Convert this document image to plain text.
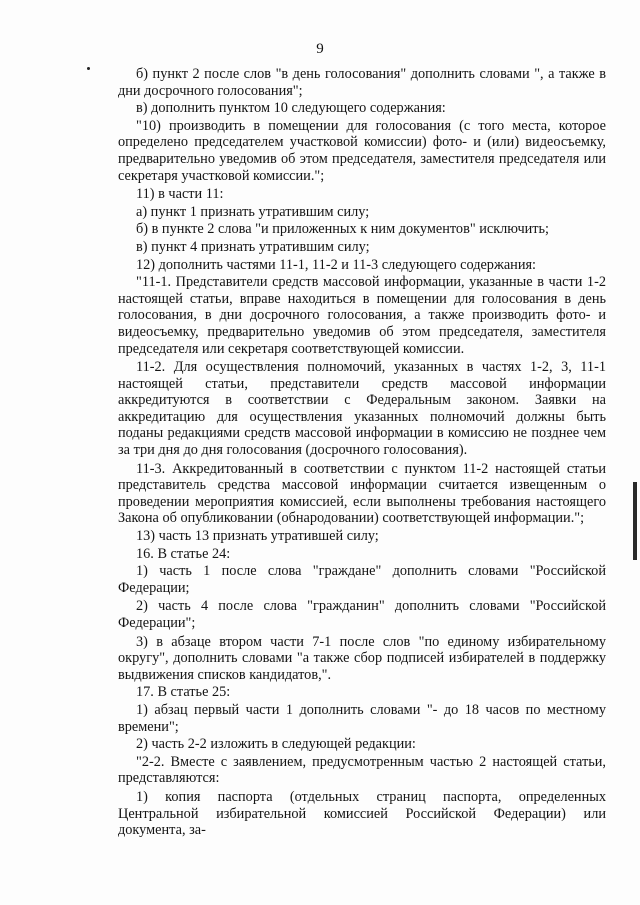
9

б) пункт 2 после слов "в день голосования" дополнить словами ", а также в дни досрочного голосования";

в) дополнить пунктом 10 следующего содержания:

"10) производить в помещении для голосования (с того места, которое определено председателем участковой комиссии) фото- и (или) видеосъемку, предварительно уведомив об этом председателя, заместителя председателя или секретаря участковой комиссии.";

11) в части 11:

а) пункт 1 признать утратившим силу;

б) в пункте 2 слова "и приложенных к ним документов" исключить;

в) пункт 4 признать утратившим силу;

12) дополнить частями 11-1, 11-2 и 11-3 следующего содержания:

"11-1. Представители средств массовой информации, указанные в части 1-2 настоящей статьи, вправе находиться в помещении для голосования в день голосования, в дни досрочного голосования, а также производить фото- и видеосъемку, предварительно уведомив об этом председателя, заместителя председателя или секретаря соответствующей комиссии.

11-2. Для осуществления полномочий, указанных в частях 1-2, 3, 11-1 настоящей статьи, представители средств массовой информации аккредитуются в соответствии с Федеральным законом. Заявки на аккредитацию для осуществления указанных полномочий должны быть поданы редакциями средств массовой информации в комиссию не позднее чем за три дня до дня голосования (досрочного голосования).

11-3. Аккредитованный в соответствии с пунктом 11-2 настоящей статьи представитель средства массовой информации считается извещенным о проведении мероприятия комиссией, если выполнены требования настоящего Закона об опубликовании (обнародовании) соответствующей информации.";

13) часть 13 признать утратившей силу;

16. В статье 24:

1) часть 1 после слова "граждане" дополнить словами "Российской Федерации;

2) часть 4 после слова "гражданин" дополнить словами "Российской Федерации";

3) в абзаце втором части 7-1 после слов "по единому избирательному округу", дополнить словами "а также сбор подписей избирателей в поддержку выдвижения списков кандидатов,".

17. В статье 25:

1) абзац первый части 1 дополнить словами "- до 18 часов по местному времени";

2) часть 2-2 изложить в следующей редакции:

"2-2. Вместе с заявлением, предусмотренным частью 2 настоящей статьи, представляются:

1) копия паспорта (отдельных страниц паспорта, определенных Центральной избирательной комиссией Российской Федерации) или документа, за-
